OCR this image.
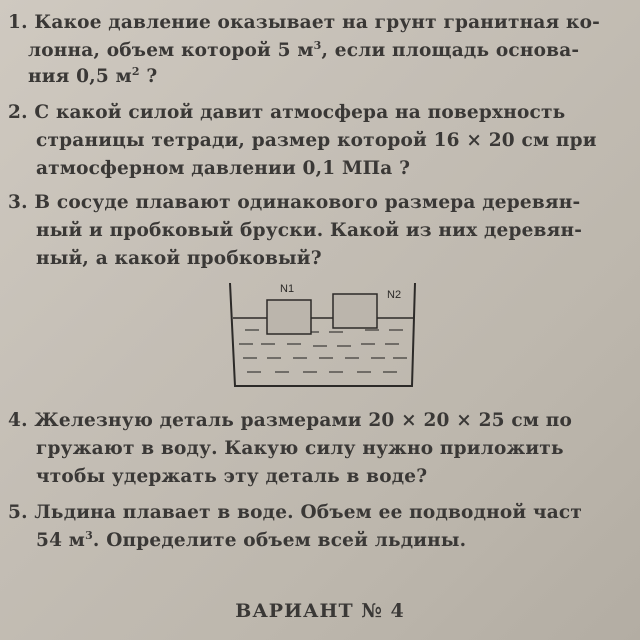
1. Какое давление оказывает на грунт гранитная ко-
лонна, объем которой 5 $м^3$, если площадь основа-
ния 0,5 $м^2$ ?
2. С какой силой давит атмосфера на поверхность
страницы тетради, размер которой 16 × 20 см при
атмосферном давлении 0,1 МПа ?
3. В сосуде плавают одинакового размера деревян-
ный и пробковый бруски. Какой из них деревян-
ный, а какой пробковый?
N1	N2
4. Железную деталь размерами 20 × 20 × 25 см по
гружают в воду. Какую силу нужно приложить
чтобы удержать эту деталь в воде?
5. Льдина плавает в воде. Объем ее подводной част
54 $м^3$. Определите объем всей льдины.
ВАРИАНТ № 4
